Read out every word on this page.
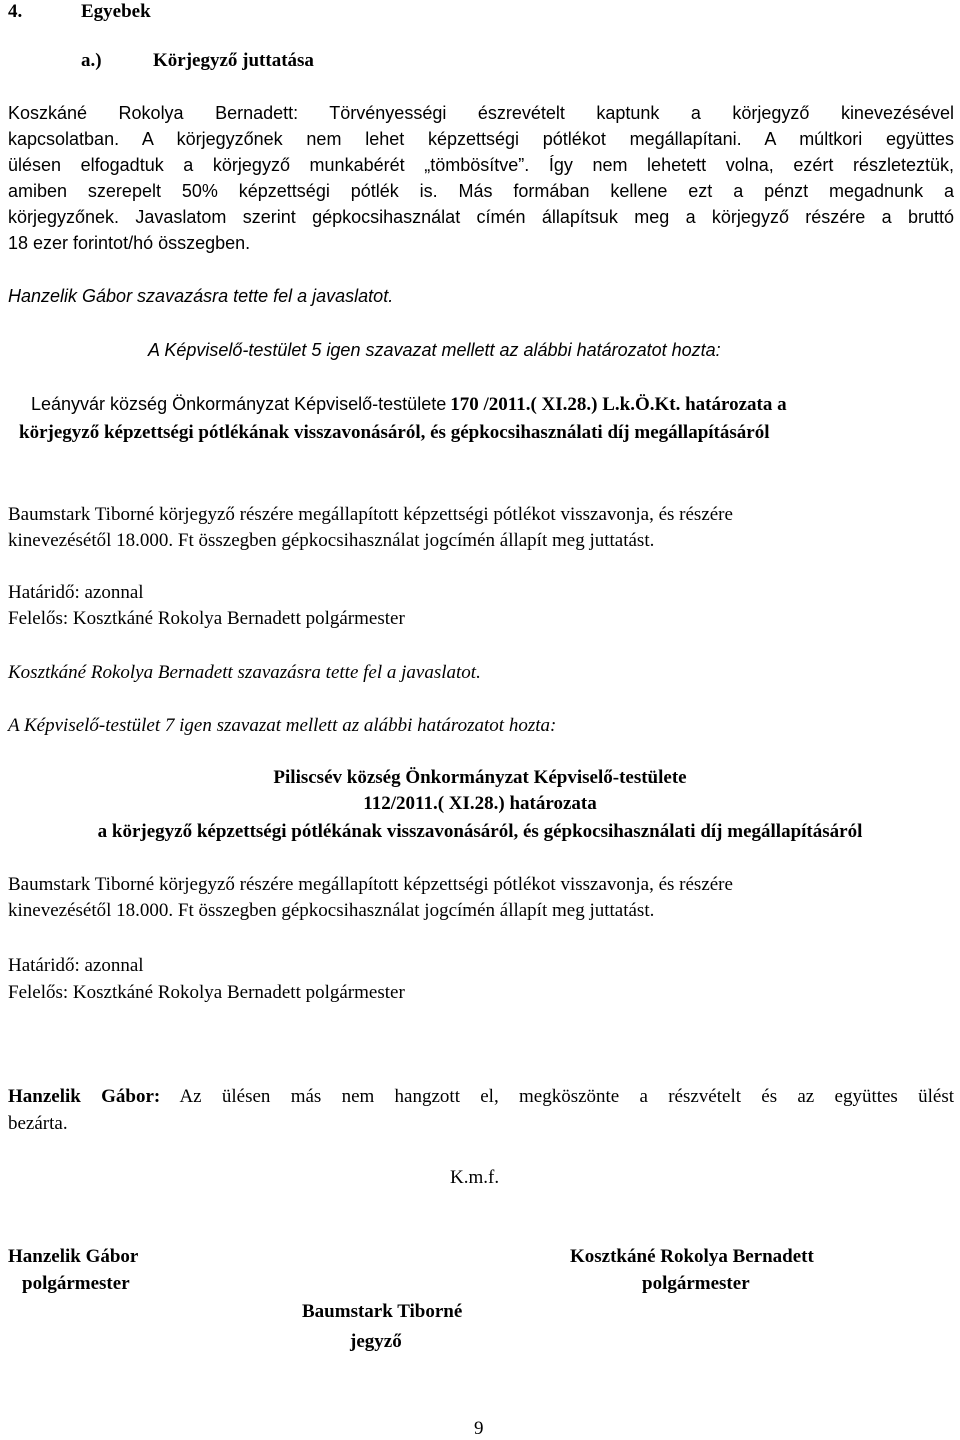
4.	Egyebek
a.)	Körjegyző juttatása
Koszkáné Rokolya Bernadett: Törvényességi észrevételt kaptunk a körjegyző kinevezésével
kapcsolatban. A körjegyzőnek nem lehet képzettségi pótlékot megállapítani. A múltkori együttes
ülésen elfogadtuk a körjegyző munkabérét „tömbösítve”. Így nem lehetett volna, ezért részleteztük,
amiben szerepelt 50% képzettségi pótlék is. Más formában kellene ezt a pénzt megadnunk a
körjegyzőnek. Javaslatom szerint gépkocsihasználat címén állapítsuk meg a körjegyző részére a bruttó
18 ezer forintot/hó összegben.
Hanzelik Gábor szavazásra tette fel a javaslatot.
A Képviselő-testület 5 igen szavazat mellett az alábbi határozatot hozta:
Leányvár község Önkormányzat Képviselő-testülete 170 /2011.( XI.28.) L.k.Ö.Kt. határozata a
körjegyző képzettségi pótlékának visszavonásáról, és gépkocsihasználati díj megállapításáról
Baumstark Tiborné körjegyző részére megállapított képzettségi pótlékot visszavonja, és részére
kinevezésétől 18.000. Ft összegben gépkocsihasználat jogcímén állapít meg juttatást.
Határidő: azonnal
Felelős: Kosztkáné Rokolya Bernadett polgármester
Kosztkáné Rokolya Bernadett szavazásra tette fel a javaslatot.
A Képviselő-testület 7 igen szavazat mellett az alábbi határozatot hozta:
Piliscsév község Önkormányzat Képviselő-testülete
112/2011.( XI.28.) határozata
a körjegyző képzettségi pótlékának visszavonásáról, és gépkocsihasználati díj megállapításáról
Baumstark Tiborné körjegyző részére megállapított képzettségi pótlékot visszavonja, és részére
kinevezésétől 18.000. Ft összegben gépkocsihasználat jogcímén állapít meg juttatást.
Határidő: azonnal
Felelős: Kosztkáné Rokolya Bernadett polgármester
Hanzelik Gábor: Az ülésen más nem hangzott el, megköszönte a részvételt és az együttes ülést
bezárta.
K.m.f.
Hanzelik Gábor
polgármester
Kosztkáné Rokolya Bernadett
polgármester
Baumstark Tiborné
jegyző
9
